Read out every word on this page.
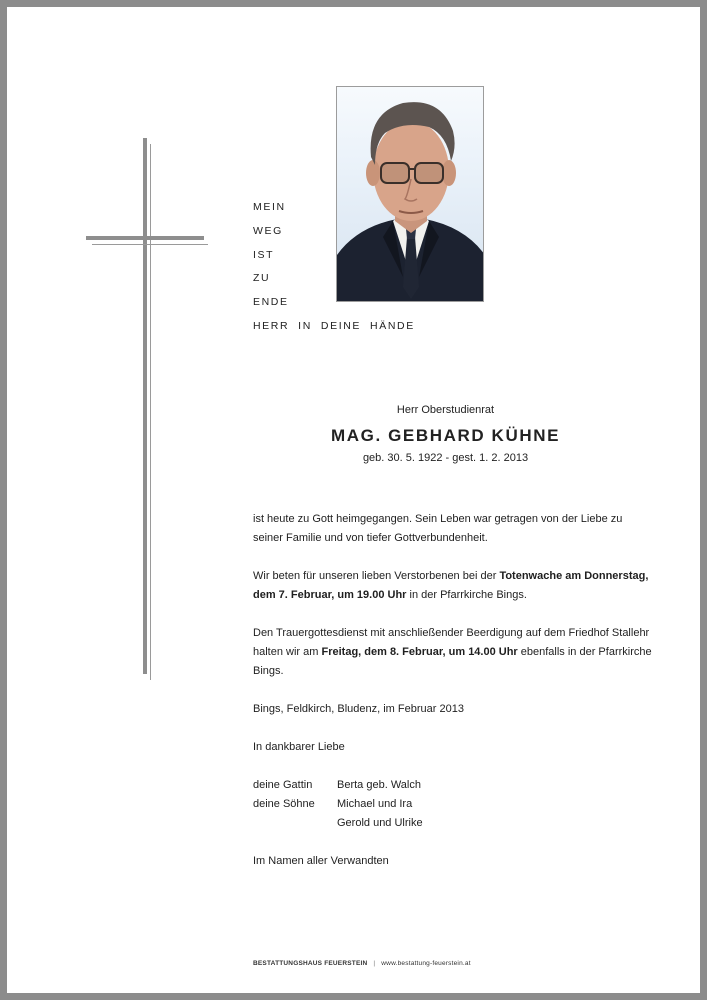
MEIN
WEG
IST
ZU
ENDE
HERR  IN  DEINE  HÄNDE
Herr Oberstudienrat
MAG. GEBHARD KÜHNE
geb. 30. 5. 1922 - gest. 1. 2. 2013

ist heute zu Gott heimgegangen. Sein Leben war getragen von der Liebe zu seiner Familie und von tiefer Gottverbundenheit.

Wir beten für unseren lieben Verstorbenen bei der Totenwache am Donnerstag, dem 7. Februar, um 19.00 Uhr in der Pfarrkirche Bings.

Den Trauergottesdienst mit anschließender Beerdigung auf dem Friedhof Stallehr halten wir am Freitag, dem 8. Februar, um 14.00 Uhr ebenfalls in der Pfarrkirche Bings.

Bings, Feldkirch, Bludenz, im Februar 2013

In dankbarer Liebe

deine Gattin	Berta geb. Walch
deine Söhne	Michael und Ira
Gerold und Ulrike

Im Namen aller Verwandten

BESTATTUNGSHAUS FEUERSTEIN | www.bestattung-feuerstein.at
